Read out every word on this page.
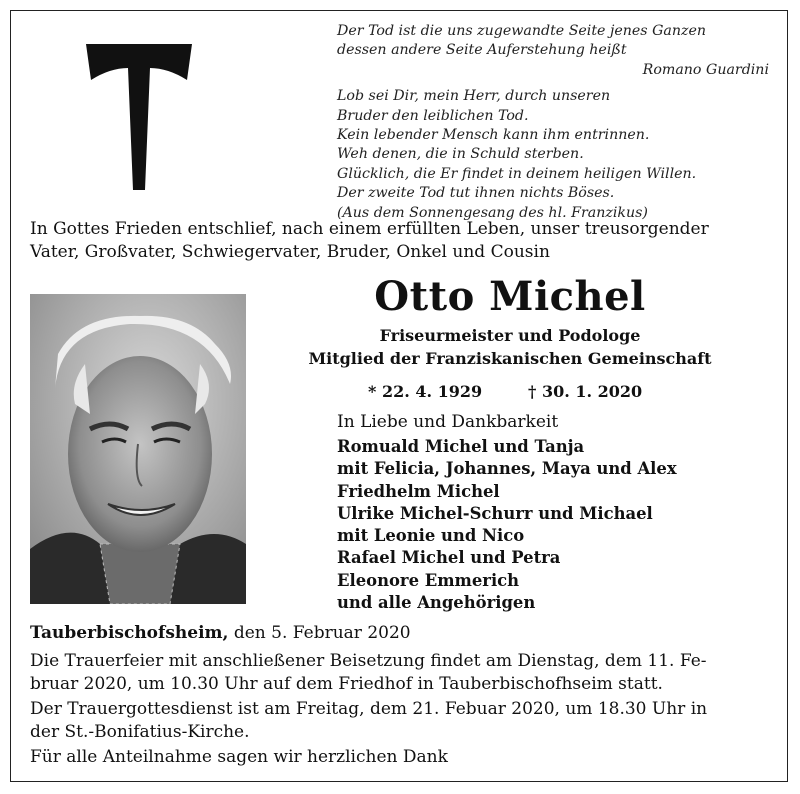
Der Tod ist die uns zugewandte Seite jenes Ganzen
dessen andere Seite Auferstehung heißt
Romano Guardini
Lob sei Dir, mein Herr, durch unseren
Bruder den leiblichen Tod.
Kein lebender Mensch kann ihm entrinnen.
Weh denen, die in Schuld sterben.
Glücklich, die Er findet in deinem heiligen Willen.
Der zweite Tod tut ihnen nichts Böses.
(Aus dem Sonnengesang des hl. Franzikus)
In Gottes Frieden entschlief, nach einem erfüllten Leben, unser treusorgender
Vater, Großvater, Schwiegervater, Bruder, Onkel und Cousin
Otto Michel
Friseurmeister und Podologe
Mitglied der Franziskanischen Gemeinschaft
* 22. 4. 1929	† 30. 1. 2020
In Liebe und Dankbarkeit
Romuald Michel und Tanja
mit Felicia, Johannes, Maya und Alex
Friedhelm Michel
Ulrike Michel-Schurr und Michael
mit Leonie und Nico
Rafael Michel und Petra
Eleonore Emmerich
und alle Angehörigen
Tauberbischofsheim, den 5. Februar 2020
Die Trauerfeier mit anschließener Beisetzung findet am Dienstag, dem 11. Fe-
bruar 2020, um 10.30 Uhr auf dem Friedhof in Tauberbischofhseim statt.
Der Trauergottesdienst ist am Freitag, dem 21. Febuar 2020, um 18.30 Uhr in
der St.-Bonifatius-Kirche.
Für alle Anteilnahme sagen wir herzlichen Dank
